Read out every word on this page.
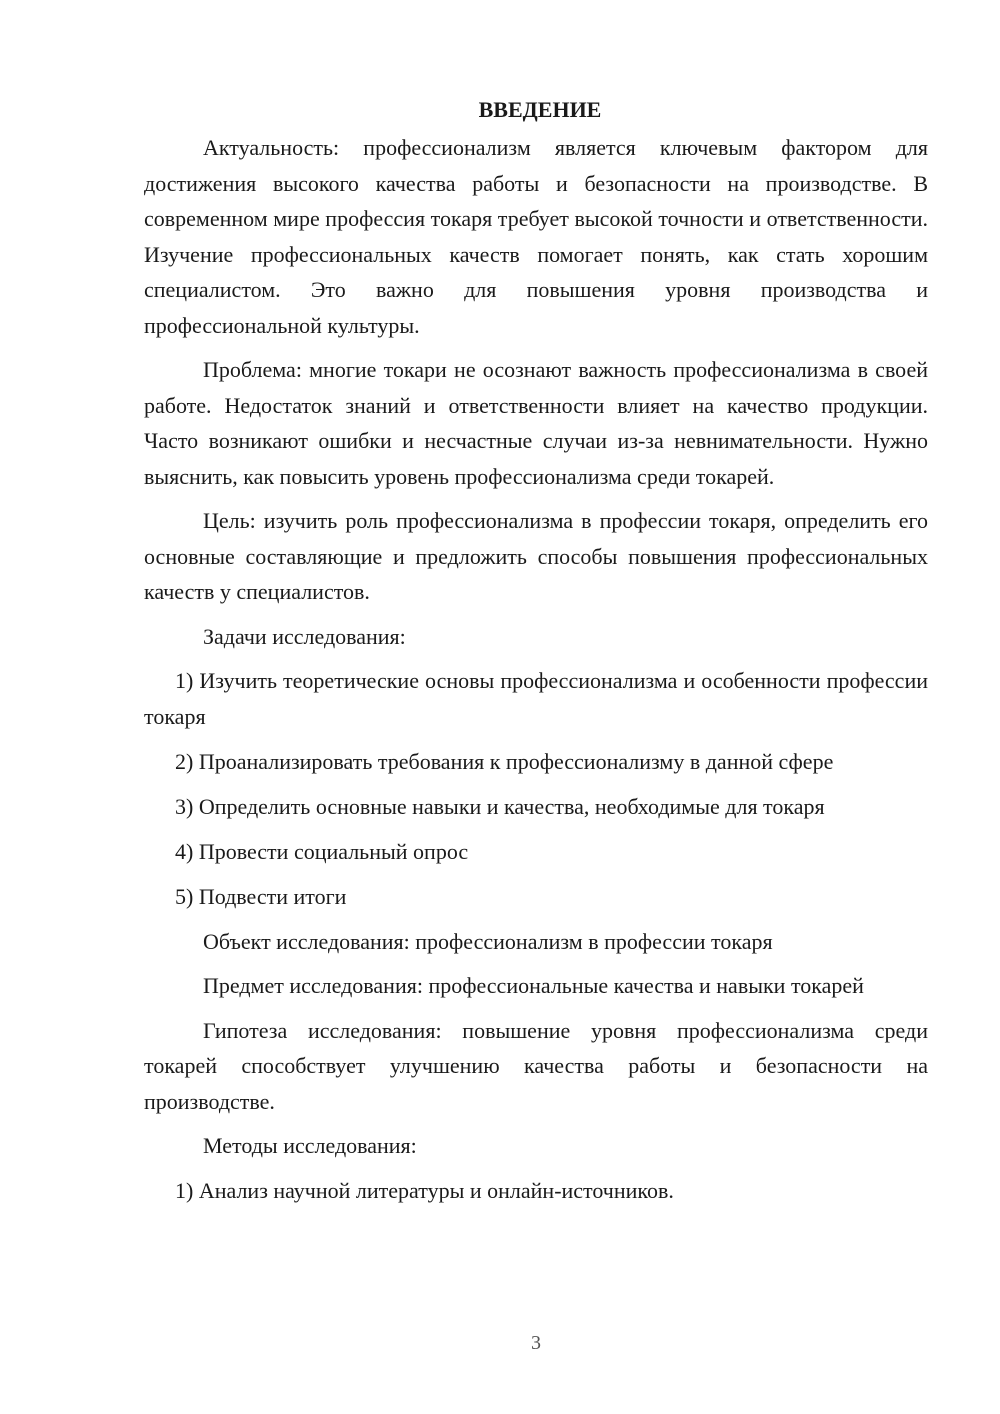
ВВЕДЕНИЕ

Актуальность: профессионализм является ключевым фактором для достижения высокого качества работы и безопасности на производстве. В современном мире профессия токаря требует высокой точности и ответственности. Изучение профессиональных качеств помогает понять, как стать хорошим специалистом. Это важно для повышения уровня производства и профессиональной культуры.

Проблема: многие токари не осознают важность профессионализма в своей работе. Недостаток знаний и ответственности влияет на качество продукции. Часто возникают ошибки и несчастные случаи из-за невнимательности. Нужно выяснить, как повысить уровень профессионализма среди токарей.

Цель: изучить роль профессионализма в профессии токаря, определить его основные составляющие и предложить способы повышения профессиональных качеств у специалистов.

Задачи исследования:

1) Изучить теоретические основы профессионализма и особенности профессии токаря

2) Проанализировать требования к профессионализму в данной сфере

3) Определить основные навыки и качества, необходимые для токаря

4) Провести социальный опрос

5) Подвести итоги

Объект исследования: профессионализм в профессии токаря

Предмет исследования: профессиональные качества и навыки токарей

Гипотеза исследования: повышение уровня профессионализма среди токарей способствует улучшению качества работы и безопасности на производстве.

Методы исследования:

1) Анализ научной литературы и онлайн-источников.

3
